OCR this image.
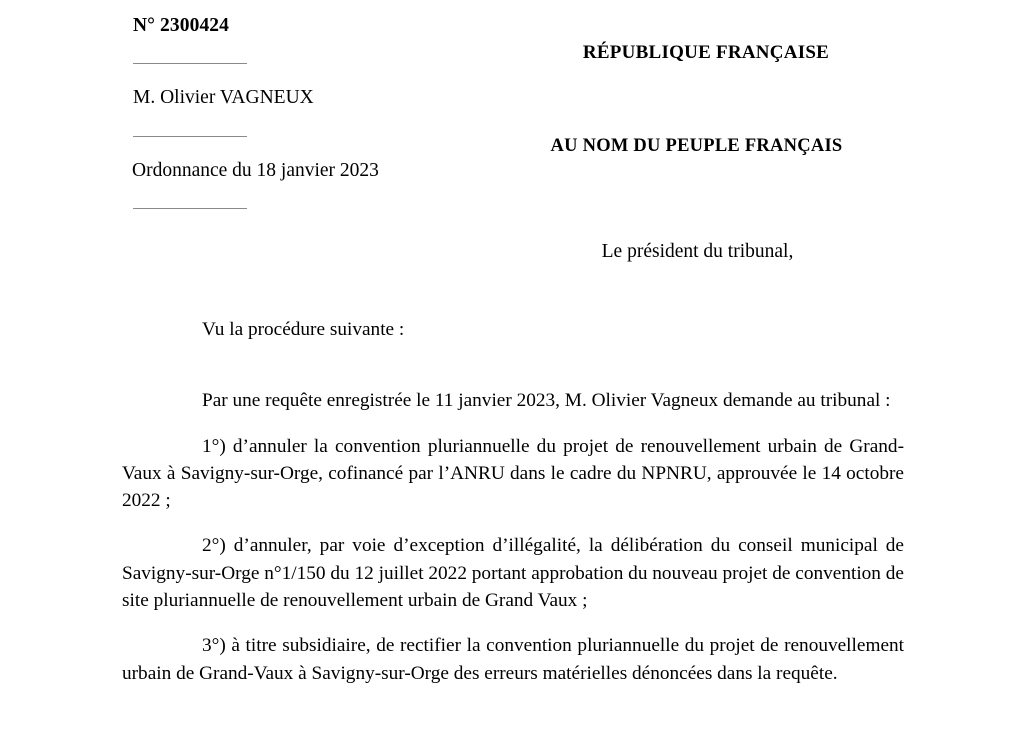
N° 2300424

M. Olivier VAGNEUX

Ordonnance du 18 janvier 2023

RÉPUBLIQUE FRANÇAISE

AU NOM DU PEUPLE FRANÇAIS

Le président du tribunal,

Vu la procédure suivante :

Par une requête enregistrée le 11 janvier 2023, M. Olivier Vagneux demande au tribunal :

1°) d’annuler la convention pluriannuelle du projet de renouvellement urbain de Grand-Vaux à Savigny-sur-Orge, cofinancé par l’ANRU dans le cadre du NPNRU, approuvée le 14 octobre 2022 ;

2°) d’annuler, par voie d’exception d’illégalité, la délibération du conseil municipal de Savigny-sur-Orge n°1/150 du 12 juillet 2022 portant approbation du nouveau projet de convention de site pluriannuelle de renouvellement urbain de Grand Vaux ;

3°) à titre subsidiaire, de rectifier la convention pluriannuelle du projet de renouvellement urbain de Grand-Vaux à Savigny-sur-Orge des erreurs matérielles dénoncées dans la requête.
